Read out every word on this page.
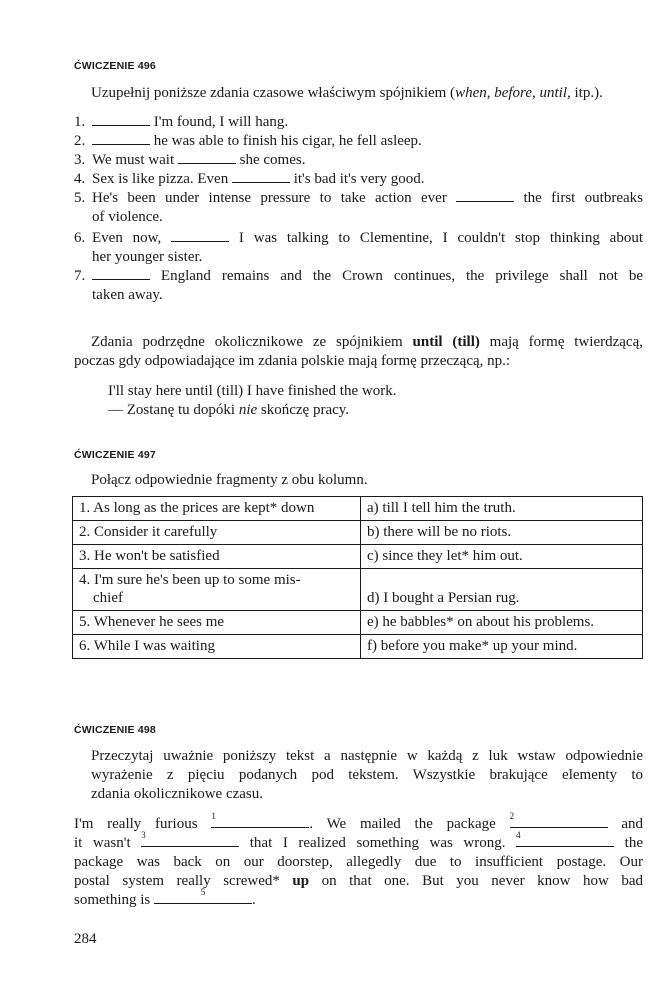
ĆWICZENIE 496
Uzupełnij poniższe zdania czasowe właściwym spójnikiem (when, before, until, itp.).
1.	I'm found, I will hang.
2.	he was able to finish his cigar, he fell asleep.
3. We must wait	she comes.
4. Sex is like pizza. Even	it's bad it's very good.
5. He's been under intense pressure to take action ever	the first outbreaks
of violence.
6. Even now,	I was talking to Clementine, I couldn't stop thinking about
her younger sister.
7.	England remains and the Crown continues, the privilege shall not be
taken away.
Zdania podrzędne okolicznikowe ze spójnikiem until (till) mają formę twierdzącą,
poczas gdy odpowiadające im zdania polskie mają formę przeczącą, np.:
I'll stay here until (till) I have finished the work.
— Zostanę tu dopóki nie skończę pracy.
ĆWICZENIE 497
Połącz odpowiednie fragmenty z obu kolumn.
1. As long as the prices are kept* down	a) till I tell him the truth.
2. Consider it carefully	b) there will be no riots.
3. He won't be satisfied	c) since they let* him out.

4. I'm sure he's been up to some mis-
chief	d) I bought a Persian rug.
5. Whenever he sees me	e) he babbles* on about his problems.
6. While I was waiting	f) before you make* up your mind.
ĆWICZENIE 498
Przeczytaj uważnie poniższy tekst a następnie w każdą z luk wstaw odpowiednie
wyrażenie z pięciu podanych pod tekstem. Wszystkie brakujące elementy to
zdania okolicznikowe czasu.
I'm really furious 1	. We mailed the package 2	and
it wasn't 3	that I realized something was wrong. 4	the
package was back on our doorstep, allegedly due to insufficient postage. Our
postal system really screwed* up on that one. But you never know how bad
something is	5	.
284
